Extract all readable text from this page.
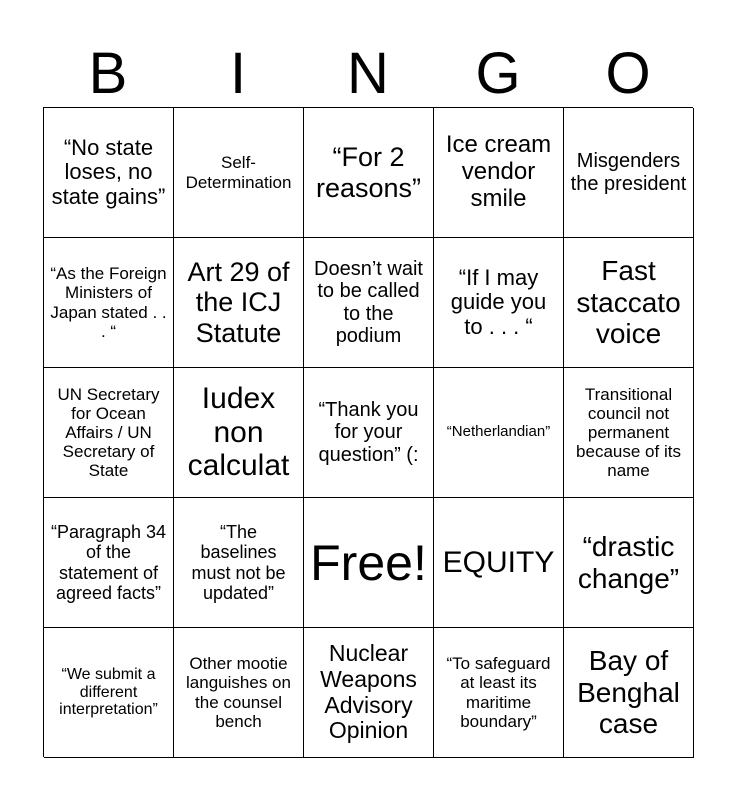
B	I	N	G	O
“No state loses, no state gains”
Self-Determination
“For 2 reasons”
Ice cream vendor smile
Misgenders the president
“As the Foreign Ministers of Japan stated . . . “
Art 29 of the ICJ Statute
Doesn’t wait to be called to the podium
“If I may guide you to . . . “
Fast staccato voice
UN Secretary for Ocean Affairs / UN Secretary of State
Iudex non calculat
“Thank you for your question” (:
“Netherlandian”
Transitional council not permanent because of its name
“Paragraph 34 of the statement of agreed facts”
“The baselines must not be updated”
Free! EQUITY	“drastic change”
“We submit a different interpretation”
Other mootie languishes on the counsel bench
Nuclear Weapons Advisory Opinion
“To safeguard at least its maritime boundary”
Bay of Benghal case
